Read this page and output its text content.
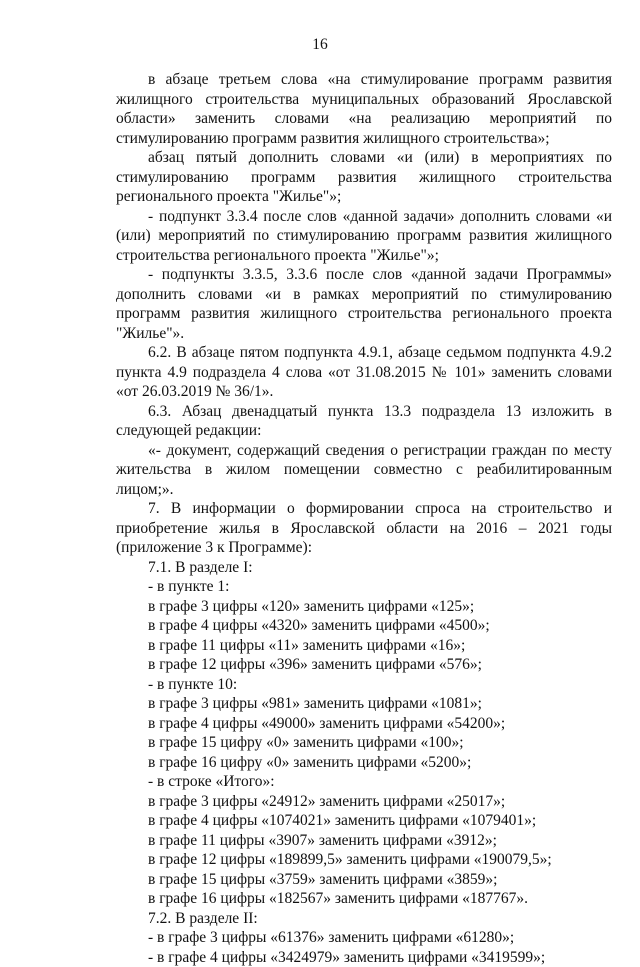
16

в абзаце третьем слова «на стимулирование программ развития жилищного строительства муниципальных образований Ярославской области» заменить словами «на реализацию мероприятий по стимулированию программ развития жилищного строительства»;

абзац пятый дополнить словами «и (или) в мероприятиях по стимулированию программ развития жилищного строительства регионального проекта "Жилье"»;

- подпункт 3.3.4 после слов «данной задачи» дополнить словами «и (или) мероприятий по стимулированию программ развития жилищного строительства регионального проекта "Жилье"»;

- подпункты 3.3.5, 3.3.6 после слов «данной задачи Программы» дополнить словами «и в рамках мероприятий по стимулированию программ развития жилищного строительства регионального проекта "Жилье"».

6.2. В абзаце пятом подпункта 4.9.1, абзаце седьмом подпункта 4.9.2 пункта 4.9 подраздела 4 слова «от 31.08.2015 № 101» заменить словами «от 26.03.2019 № 36/1».

6.3. Абзац двенадцатый пункта 13.3 подраздела 13 изложить в следующей редакции:

«- документ, содержащий сведения о регистрации граждан по месту жительства в жилом помещении совместно с реабилитированным лицом;».

7. В информации о формировании спроса на строительство и приобретение жилья в Ярославской области на 2016 – 2021 годы (приложение 3 к Программе):

7.1. В разделе I:

- в пункте 1:

в графе 3 цифры «120» заменить цифрами «125»;

в графе 4 цифры «4320» заменить цифрами «4500»;

в графе 11 цифры «11» заменить цифрами «16»;

в графе 12 цифры «396» заменить цифрами «576»;

- в пункте 10:

в графе 3 цифры «981» заменить цифрами «1081»;

в графе 4 цифры «49000» заменить цифрами «54200»;

в графе 15 цифру «0» заменить цифрами «100»;

в графе 16 цифру «0» заменить цифрами «5200»;

- в строке «Итого»:

в графе 3 цифры «24912» заменить цифрами «25017»;

в графе 4 цифры «1074021» заменить цифрами «1079401»;

в графе 11 цифры «3907» заменить цифрами «3912»;

в графе 12 цифры «189899,5» заменить цифрами «190079,5»;

в графе 15 цифры «3759» заменить цифрами «3859»;

в графе 16 цифры «182567» заменить цифрами «187767».

7.2. В разделе II:

- в графе 3 цифры «61376» заменить цифрами «61280»;

- в графе 4 цифры «3424979» заменить цифрами «3419599»;
